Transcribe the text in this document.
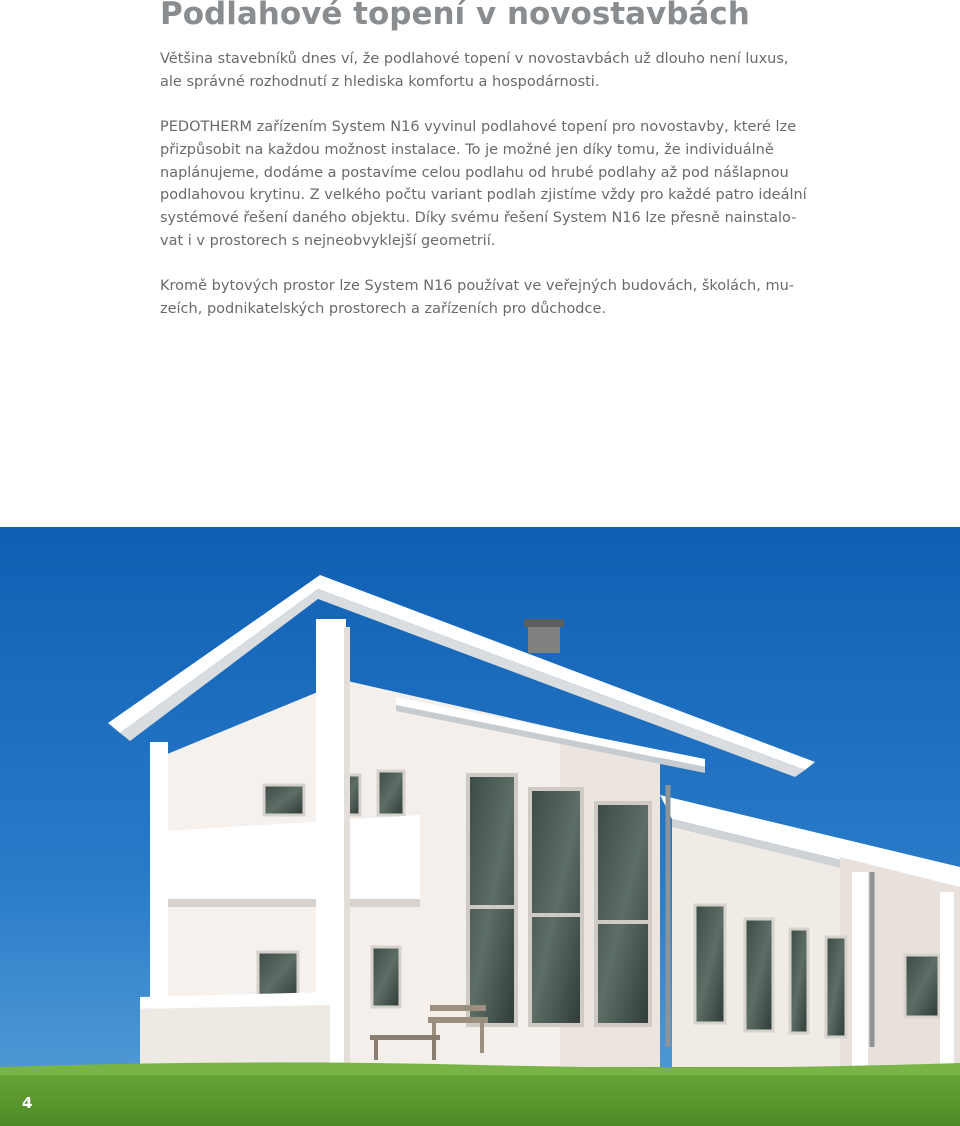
Podlahové topení v novostavbách

Většina stavebníků dnes ví, že podlahové topení v novostavbách už dlouho není luxus,
ale správné rozhodnutí z hlediska komfortu a hospodárnosti.

PEDOTHERM zařízením System N16 vyvinul podlahové topení pro novostavby, které lze
přizpůsobit na každou možnost instalace. To je možné jen díky tomu, že individuálně
naplánujeme, dodáme a postavíme celou podlahu od hrubé podlahy až pod nášlapnou
podlahovou krytinu. Z velkého počtu variant podlah zjistíme vždy pro každé patro ideální
systémové řešení daného objektu. Díky svému řešení System N16 lze přesně nainstalo-
vat i v prostorech s nejneobvyklejší geometrií.

Kromě bytových prostor lze System N16 používat ve veřejných budovách, školách, mu-
zeích, podnikatelských prostorech a zařízeních pro důchodce.

4
